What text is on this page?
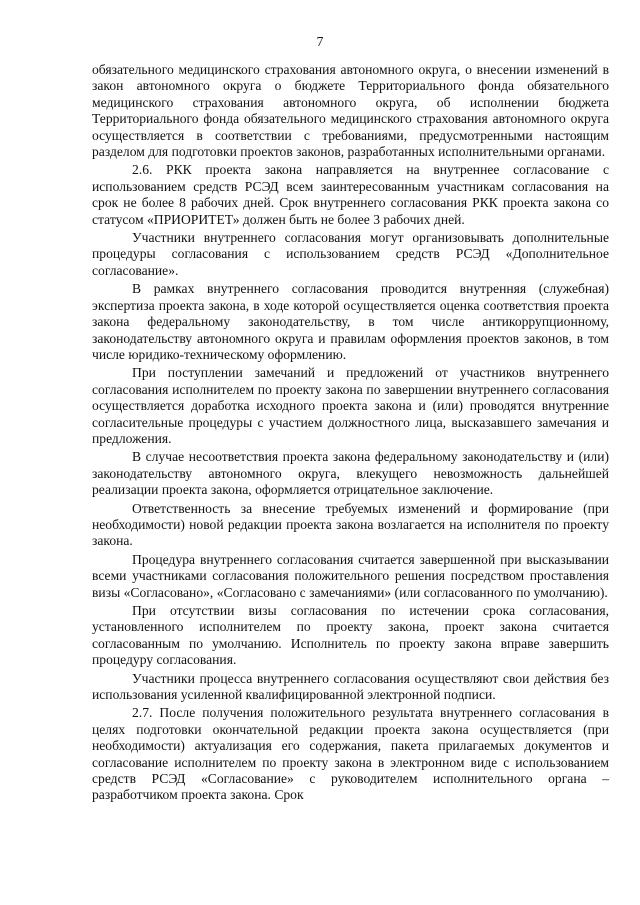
7

обязательного медицинского страхования автономного округа, о внесении изменений в закон автономного округа о бюджете Территориального фонда обязательного медицинского страхования автономного округа, об исполнении бюджета Территориального фонда обязательного медицинского страхования автономного округа осуществляется в соответствии с требованиями, предусмотренными настоящим разделом для подготовки проектов законов, разработанных исполнительными органами.

2.6. РКК проекта закона направляется на внутреннее согласование с использованием средств РСЭД всем заинтересованным участникам согласования на срок не более 8 рабочих дней. Срок внутреннего согласования РКК проекта закона со статусом «ПРИОРИТЕТ» должен быть не более 3 рабочих дней.

Участники внутреннего согласования могут организовывать дополнительные процедуры согласования с использованием средств РСЭД «Дополнительное согласование».

В рамках внутреннего согласования проводится внутренняя (служебная) экспертиза проекта закона, в ходе которой осуществляется оценка соответствия проекта закона федеральному законодательству, в том числе антикоррупционному, законодательству автономного округа и правилам оформления проектов законов, в том числе юридико-техническому оформлению.

При поступлении замечаний и предложений от участников внутреннего согласования исполнителем по проекту закона по завершении внутреннего согласования осуществляется доработка исходного проекта закона и (или) проводятся внутренние согласительные процедуры с участием должностного лица, высказавшего замечания и предложения.

В случае несоответствия проекта закона федеральному законодательству и (или) законодательству автономного округа, влекущего невозможность дальнейшей реализации проекта закона, оформляется отрицательное заключение.

Ответственность за внесение требуемых изменений и формирование (при необходимости) новой редакции проекта закона возлагается на исполнителя по проекту закона.

Процедура внутреннего согласования считается завершенной при высказывании всеми участниками согласования положительного решения посредством проставления визы «Согласовано», «Согласовано с замечаниями» (или согласованного по умолчанию).

При отсутствии визы согласования по истечении срока согласования, установленного исполнителем по проекту закона, проект закона считается согласованным по умолчанию. Исполнитель по проекту закона вправе завершить процедуру согласования.

Участники процесса внутреннего согласования осуществляют свои действия без использования усиленной квалифицированной электронной подписи.

2.7. После получения положительного результата внутреннего согласования в целях подготовки окончательной редакции проекта закона осуществляется (при необходимости) актуализация его содержания, пакета прилагаемых документов и согласование исполнителем по проекту закона в электронном виде с использованием средств РСЭД «Согласование» с руководителем исполнительного органа – разработчиком проекта закона. Срок
